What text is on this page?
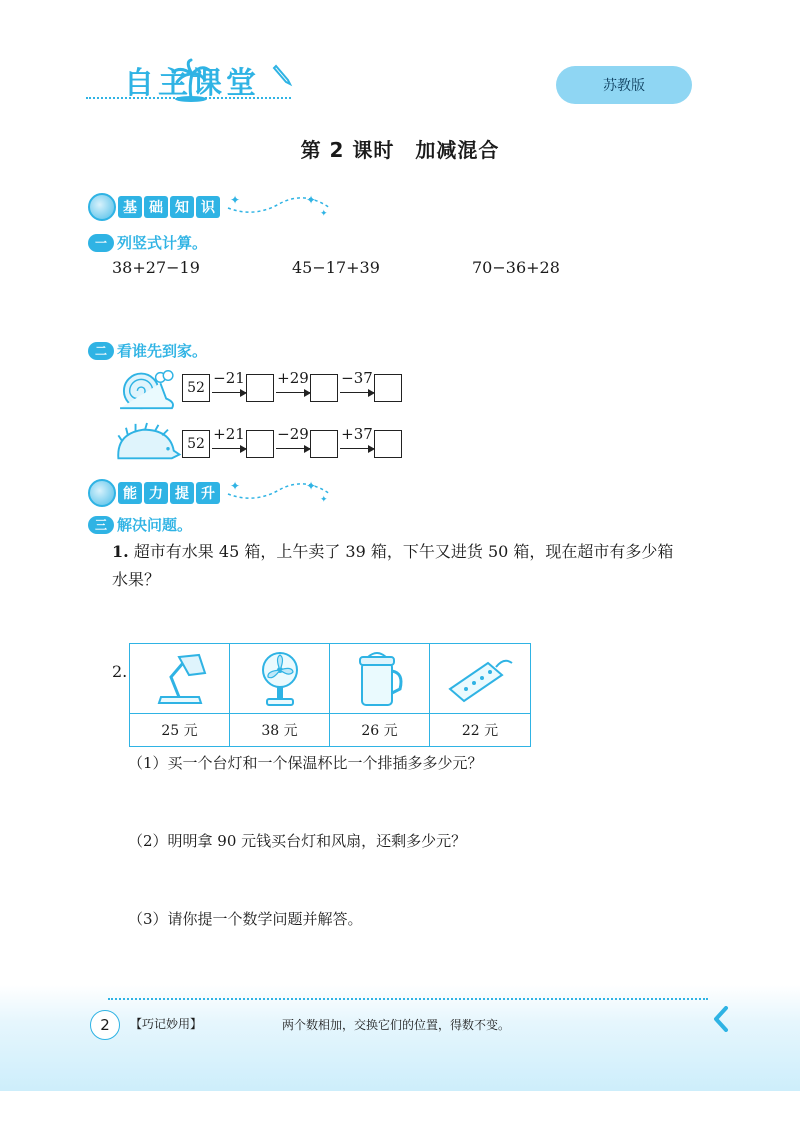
自主课堂	苏教版
第 2 课时　加减混合
基 础 知 识	✦	✦
✦
一 列竖式计算。
38+27−19	45−17+39	70−36+28
二 看谁先到家。
52
−21 +29 −37
52
+21 −29 +37
能 力 提 升	✦	✦
✦
三 解决问题。
1. 超市有水果 45 箱，上午卖了 39 箱，下午又进货 50 箱，现在超市有多少箱
水果？
2.
25 元	38 元	26 元	22 元
（1）买一个台灯和一个保温杯比一个排插多多少元？
（2）明明拿 90 元钱买台灯和风扇，还剩多少元？
（3）请你提一个数学问题并解答。
2	【巧记妙用】	两个数相加，交换它们的位置，得数不变。
